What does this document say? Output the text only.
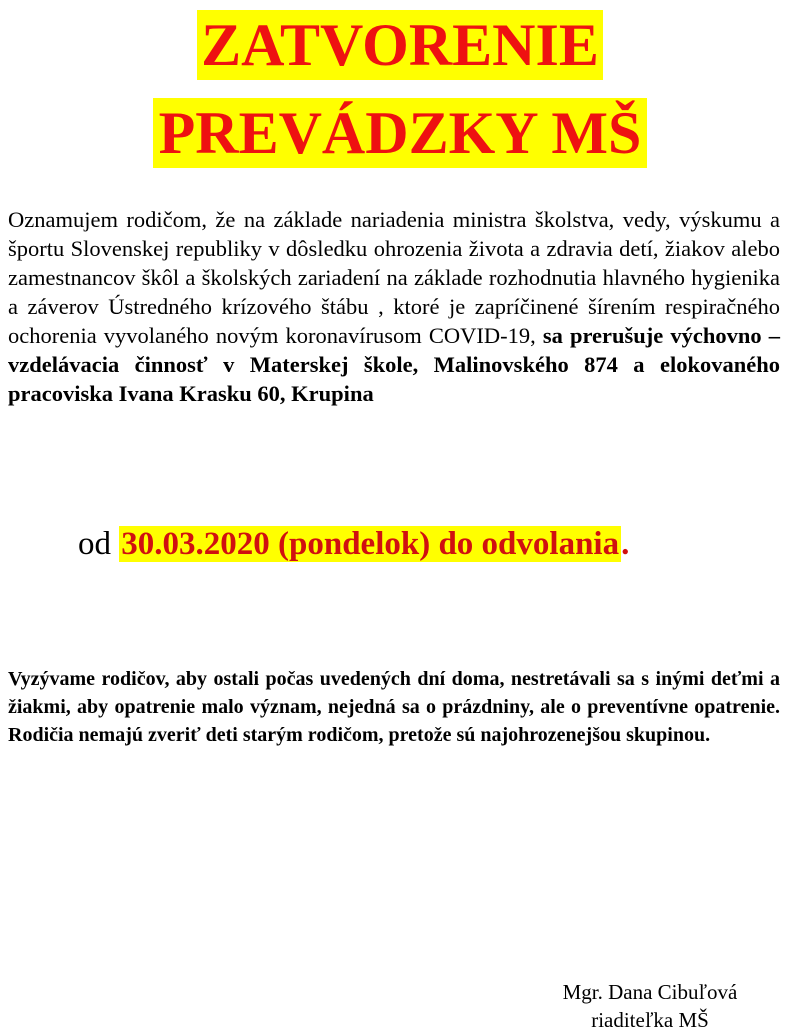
ZATVORENIE
PREVÁDZKY MŠ
Oznamujem rodičom, že na základe nariadenia ministra školstva, vedy, výskumu a športu Slovenskej republiky v dôsledku ohrozenia života a zdravia detí, žiakov alebo zamestnancov škôl a školských zariadení na základe rozhodnutia hlavného hygienika a záverov Ústredného krízového štábu , ktoré je zapríčinené šírením respiračného ochorenia vyvolaného novým koronavírusom COVID-19, sa prerušuje výchovno – vzdelávacia činnosť v Materskej škole, Malinovského 874 a elokovaného pracoviska Ivana Krasku 60, Krupina
od 30.03.2020 (pondelok) do odvolania.
Vyzývame rodičov, aby ostali počas uvedených dní doma, nestretávali sa s inými deťmi a žiakmi, aby opatrenie malo význam, nejedná sa o prázdniny, ale o preventívne opatrenie. Rodičia nemajú zveriť deti starým rodičom, pretože sú najohrozenejšou skupinou.
Mgr. Dana Cibuľová
riaditeľka MŠ
